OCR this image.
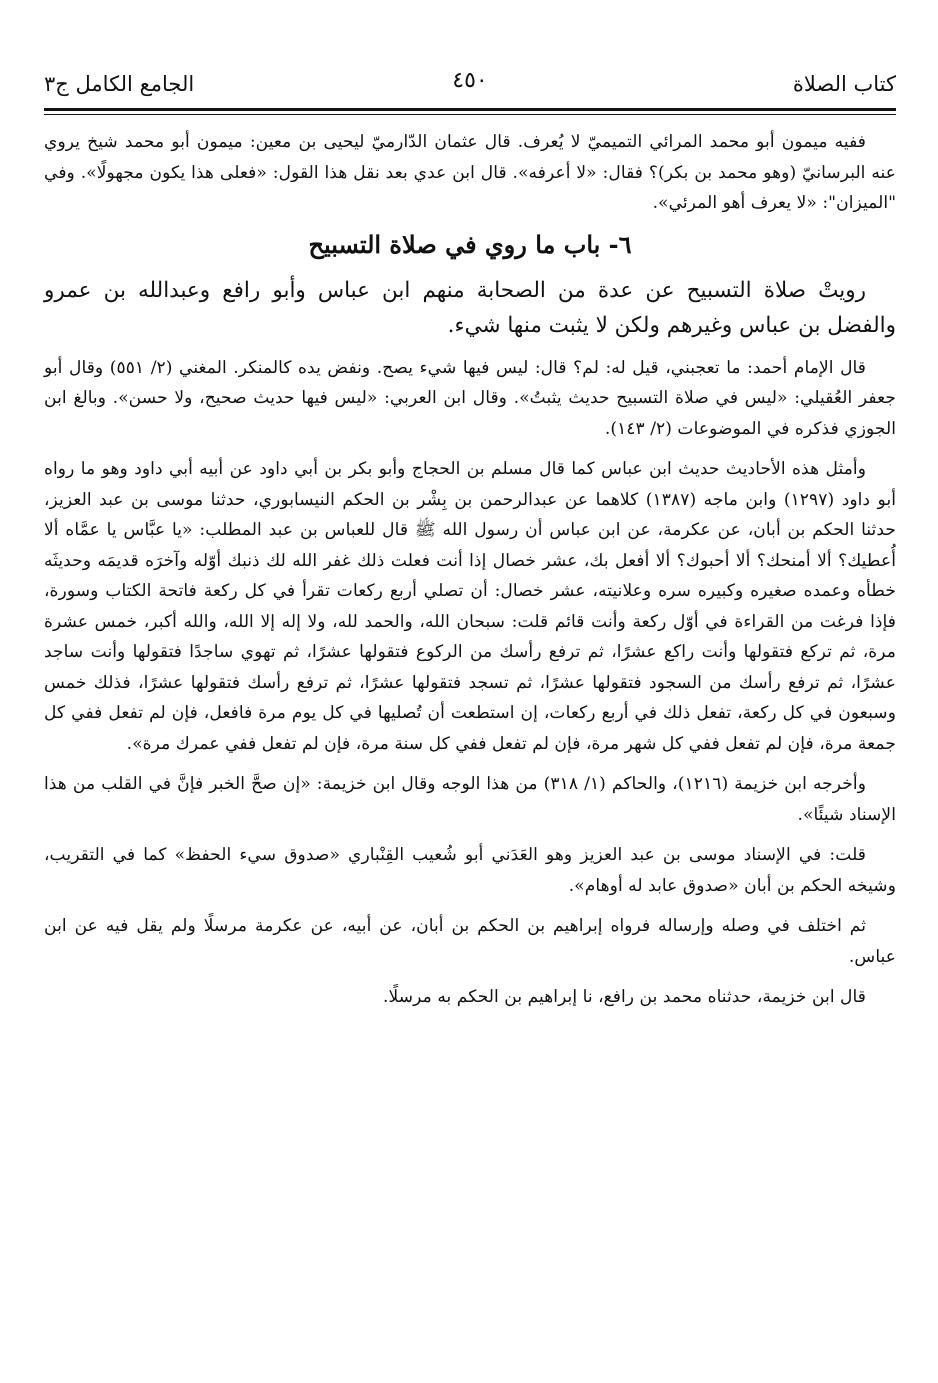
كتاب الصلاة
٤٥٠
الجامع الكامل ج٣

ففيه ميمون أبو محمد المرائي التميميّ لا يُعرف. قال عثمان الدّارميّ ليحيى بن معين: ميمون أبو محمد شيخ يروي عنه البرسانيّ (وهو محمد بن بكر)؟ فقال: «لا أعرفه». قال ابن عدي بعد نقل هذا القول: «فعلى هذا يكون مجهولًا». وفي "الميزان": «لا يعرف أهو المرئي».

٦- باب ما روي في صلاة التسبيح

رويتْ صلاة التسبيح عن عدة من الصحابة منهم ابن عباس وأبو رافع وعبدالله بن عمرو والفضل بن عباس وغيرهم ولكن لا يثبت منها شيء.

قال الإمام أحمد: ما تعجبني، قيل له: لم؟ قال: ليس فيها شيء يصح. ونفض يده كالمنكر. المغني (٢/ ٥٥١) وقال أبو جعفر العُقيلي: «ليس في صلاة التسبيح حديث يثبتُ». وقال ابن العربي: «ليس فيها حديث صحيح، ولا حسن». وبالغ ابن الجوزي فذكره في الموضوعات (٢/ ١٤٣).

وأمثل هذه الأحاديث حديث ابن عباس كما قال مسلم بن الحجاج وأبو بكر بن أبي داود عن أبيه أبي داود وهو ما رواه أبو داود (١٢٩٧) وابن ماجه (١٣٨٧) كلاهما عن عبدالرحمن بن بِشْر بن الحكم النيسابوري، حدثنا موسى بن عبد العزيز، حدثنا الحكم بن أبان، عن عكرمة، عن ابن عباس أن رسول الله ﷺ قال للعباس بن عبد المطلب: «يا عبَّاس يا عمَّاه ألا أُعطيك؟ ألا أمنحك؟ ألا أحبوك؟ ألا أفعل بك، عشر خصال إذا أنت فعلت ذلك غفر الله لك ذنبك أوّله وآخرَه قديمَه وحديثَه خطأه وعمده صغيره وكبيره سره وعلانيته، عشر خصال: أن تصلي أربع ركعات تقرأ في كل ركعة فاتحة الكتاب وسورة، فإذا فرغت من القراءة في أوّل ركعة وأنت قائم قلت: سبحان الله، والحمد لله، ولا إله إلا الله، والله أكبر، خمس عشرة مرة، ثم تركع فتقولها وأنت راكع عشرًا، ثم ترفع رأسك من الركوع فتقولها عشرًا، ثم تهوي ساجدًا فتقولها وأنت ساجد عشرًا، ثم ترفع رأسك من السجود فتقولها عشرًا، ثم تسجد فتقولها عشرًا، ثم ترفع رأسك فتقولها عشرًا، فذلك خمس وسبعون في كل ركعة، تفعل ذلك في أربع ركعات، إن استطعت أن تُصليها في كل يوم مرة فافعل، فإن لم تفعل ففي كل جمعة مرة، فإن لم تفعل ففي كل شهر مرة، فإن لم تفعل ففي كل سنة مرة، فإن لم تفعل ففي عمرك مرة».

وأخرجه ابن خزيمة (١٢١٦)، والحاكم (١/ ٣١٨) من هذا الوجه وقال ابن خزيمة: «إن صحَّ الخبر فإنَّ في القلب من هذا الإسناد شيئًا».

قلت: في الإسناد موسى بن عبد العزيز وهو العَدَني أبو شُعيب القِنْباري «صدوق سيء الحفظ» كما في التقريب، وشيخه الحكم بن أبان «صدوق عابد له أوهام».

ثم اختلف في وصله وإرساله فرواه إبراهيم بن الحكم بن أبان، عن أبيه، عن عكرمة مرسلًا ولم يقل فيه عن ابن عباس.

قال ابن خزيمة، حدثناه محمد بن رافع، نا إبراهيم بن الحكم به مرسلًا.
